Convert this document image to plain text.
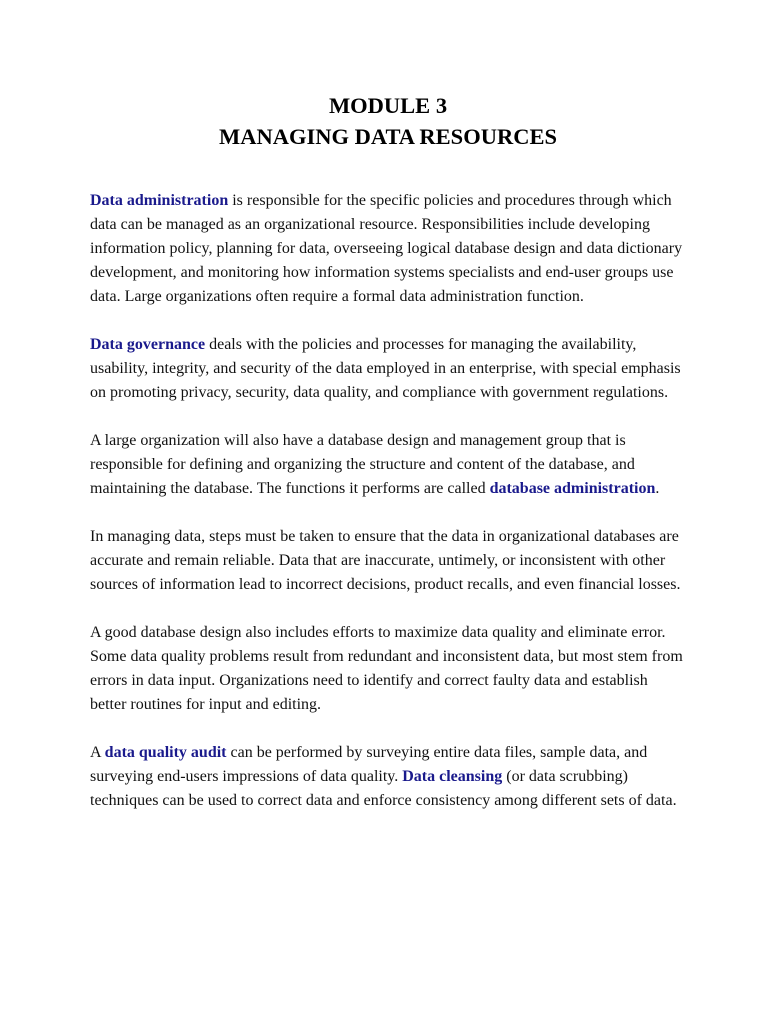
MODULE 3
MANAGING DATA RESOURCES

Data administration is responsible for the specific policies and procedures through which data can be managed as an organizational resource. Responsibilities include developing information policy, planning for data, overseeing logical database design and data dictionary development, and monitoring how information systems specialists and end-user groups use data. Large organizations often require a formal data administration function.

Data governance deals with the policies and processes for managing the availability, usability, integrity, and security of the data employed in an enterprise, with special emphasis on promoting privacy, security, data quality, and compliance with government regulations.

A large organization will also have a database design and management group that is responsible for defining and organizing the structure and content of the database, and maintaining the database. The functions it performs are called database administration.

In managing data, steps must be taken to ensure that the data in organizational databases are accurate and remain reliable. Data that are inaccurate, untimely, or inconsistent with other sources of information lead to incorrect decisions, product recalls, and even financial losses.

A good database design also includes efforts to maximize data quality and eliminate error. Some data quality problems result from redundant and inconsistent data, but most stem from errors in data input. Organizations need to identify and correct faulty data and establish better routines for input and editing.

A data quality audit can be performed by surveying entire data files, sample data, and surveying end-users impressions of data quality. Data cleansing (or data scrubbing) techniques can be used to correct data and enforce consistency among different sets of data.
